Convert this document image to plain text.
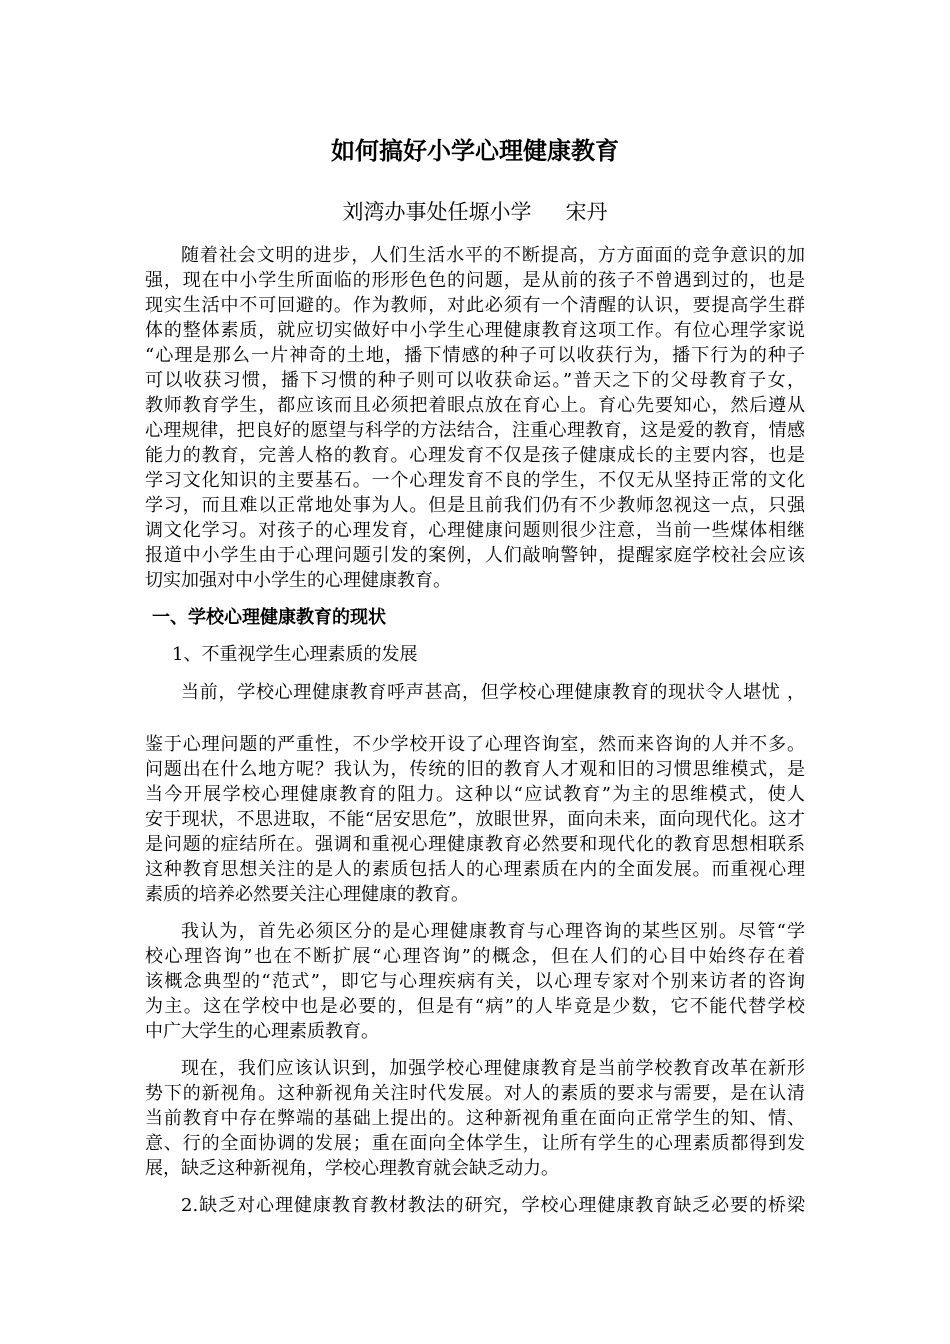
如何搞好小学心理健康教育
刘湾办事处任塬小学 宋丹
随着社会文明的进步，人们生活水平的不断提高，方方面面的竞争意识的加
强，现在中小学生所面临的形形色色的问题，是从前的孩子不曾遇到过的，也是
现实生活中不可回避的。作为教师，对此必须有一个清醒的认识，要提高学生群
体的整体素质，就应切实做好中小学生心理健康教育这项工作。有位心理学家说
“心理是那么一片神奇的土地，播下情感的种子可以收获行为，播下行为的种子
可以收获习惯，播下习惯的种子则可以收获命运。”普天之下的父母教育子女，
教师教育学生，都应该而且必须把着眼点放在育心上。育心先要知心，然后遵从
心理规律，把良好的愿望与科学的方法结合，注重心理教育，这是爱的教育，情感
能力的教育，完善人格的教育。心理发育不仅是孩子健康成长的主要内容，也是
学习文化知识的主要基石。一个心理发育不良的学生，不仅无从坚持正常的文化
学习，而且难以正常地处事为人。但是且前我们仍有不少教师忽视这一点，只强
调文化学习。对孩子的心理发育，心理健康问题则很少注意，当前一些煤体相继
报道中小学生由于心理问题引发的案例，人们敲响警钟，提醒家庭学校社会应该
切实加强对中小学生的心理健康教育。
一、学校心理健康教育的现状
1、不重视学生心理素质的发展
当前，学校心理健康教育呼声甚高，但学校心理健康教育的现状令人堪忧 ，
鉴于心理问题的严重性，不少学校开设了心理咨询室，然而来咨询的人并不多。
问题出在什么地方呢？我认为，传统的旧的教育人才观和旧的习惯思维模式，是
当今开展学校心理健康教育的阻力。这种以“应试教育”为主的思维模式，使人
安于现状，不思进取，不能“居安思危”，放眼世界，面向未来，面向现代化。这才
是问题的症结所在。强调和重视心理健康教育必然要和现代化的教育思想相联系
这种教育思想关注的是人的素质包括人的心理素质在内的全面发展。而重视心理
素质的培养必然要关注心理健康的教育。
我认为，首先必须区分的是心理健康教育与心理咨询的某些区别。尽管“学
校心理咨询”也在不断扩展“心理咨询”的概念，但在人们的心目中始终存在着
该概念典型的“范式”，即它与心理疾病有关，以心理专家对个别来访者的咨询
为主。这在学校中也是必要的，但是有“病”的人毕竟是少数，它不能代替学校
中广大学生的心理素质教育。
现在，我们应该认识到，加强学校心理健康教育是当前学校教育改革在新形
势下的新视角。这种新视角关注时代发展。对人的素质的要求与需要，是在认清
当前教育中存在弊端的基础上提出的。这种新视角重在面向正常学生的知、情、
意、行的全面协调的发展；重在面向全体学生，让所有学生的心理素质都得到发
展，缺乏这种新视角，学校心理教育就会缺乏动力。
2.缺乏对心理健康教育教材教法的研究，学校心理健康教育缺乏必要的桥梁
